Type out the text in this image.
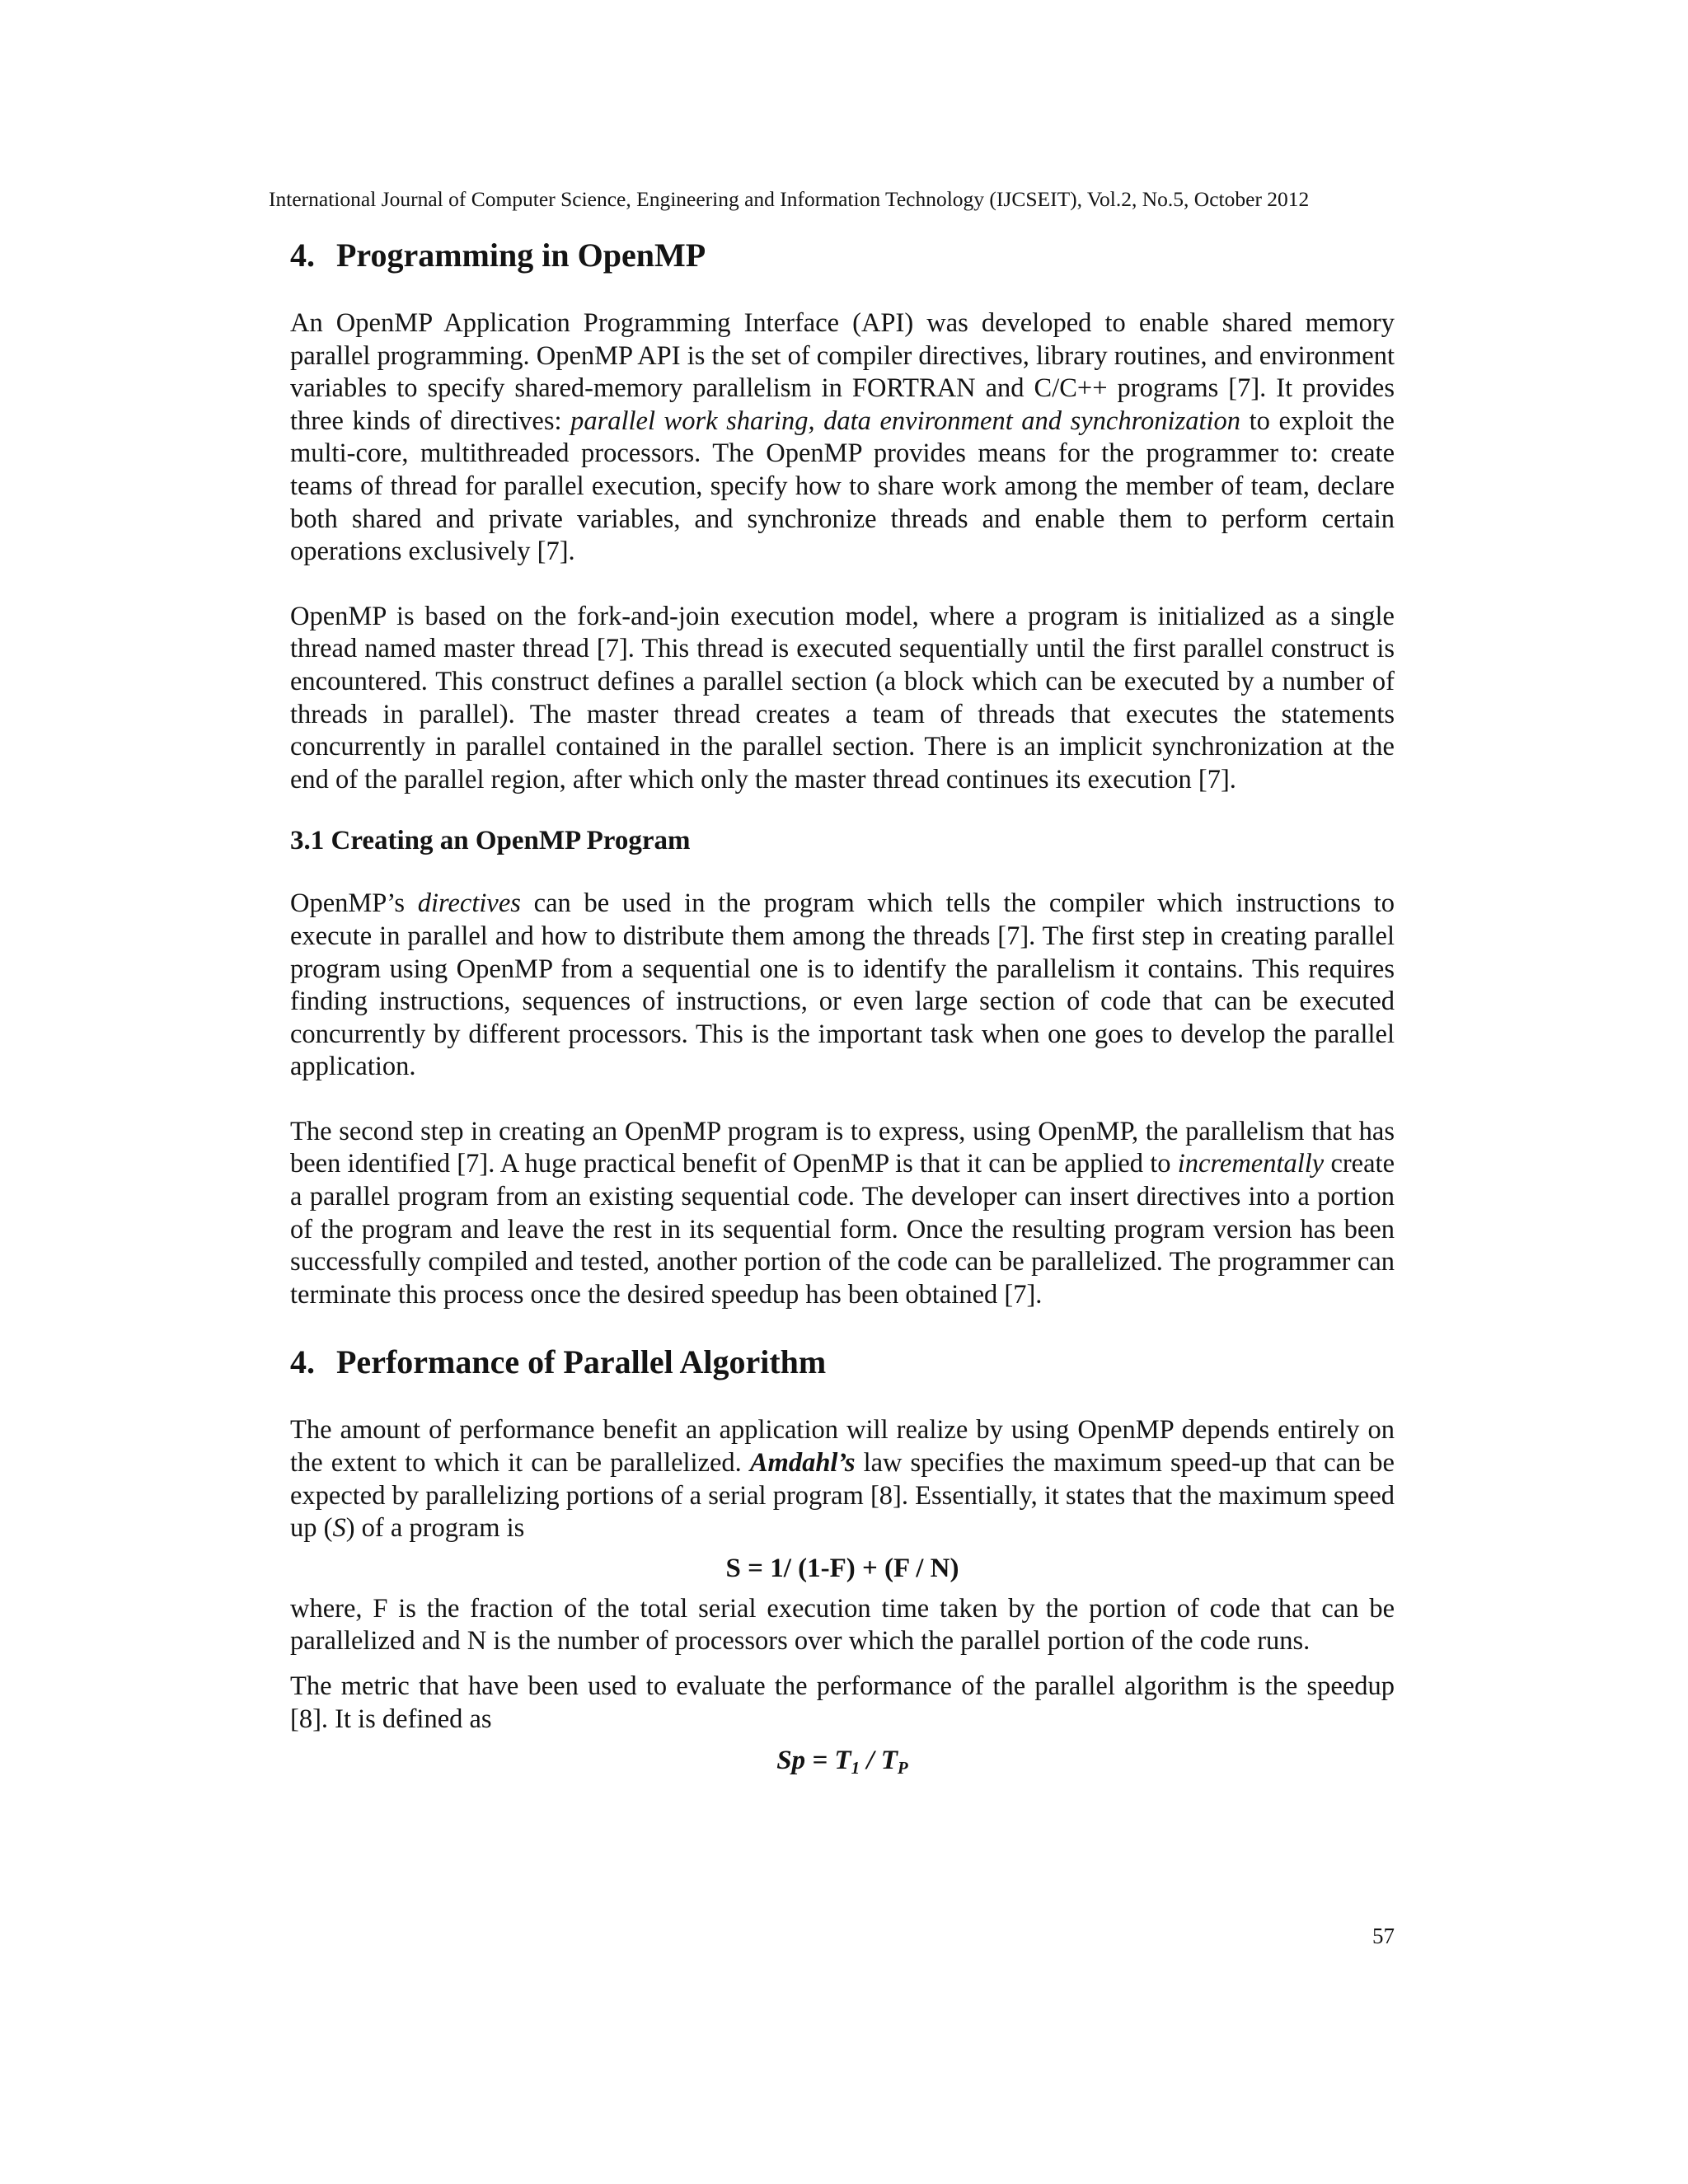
International Journal of Computer Science, Engineering and Information Technology (IJCSEIT), Vol.2, No.5, October 2012
4. Programming in OpenMP

An OpenMP Application Programming Interface (API) was developed to enable shared memory parallel programming. OpenMP API is the set of compiler directives, library routines, and environment variables to specify shared-memory parallelism in FORTRAN and C/C++ programs [7]. It provides three kinds of directives: parallel work sharing, data environment and synchronization to exploit the multi-core, multithreaded processors. The OpenMP provides means for the programmer to: create teams of thread for parallel execution, specify how to share work among the member of team, declare both shared and private variables, and synchronize threads and enable them to perform certain operations exclusively [7].

OpenMP is based on the fork-and-join execution model, where a program is initialized as a single thread named master thread [7]. This thread is executed sequentially until the first parallel construct is encountered. This construct defines a parallel section (a block which can be executed by a number of threads in parallel). The master thread creates a team of threads that executes the statements concurrently in parallel contained in the parallel section. There is an implicit synchronization at the end of the parallel region, after which only the master thread continues its execution [7].

3.1 Creating an OpenMP Program

OpenMP’s directives can be used in the program which tells the compiler which instructions to execute in parallel and how to distribute them among the threads [7]. The first step in creating parallel program using OpenMP from a sequential one is to identify the parallelism it contains. This requires finding instructions, sequences of instructions, or even large section of code that can be executed concurrently by different processors. This is the important task when one goes to develop the parallel application.

The second step in creating an OpenMP program is to express, using OpenMP, the parallelism that has been identified [7]. A huge practical benefit of OpenMP is that it can be applied to incrementally create a parallel program from an existing sequential code. The developer can insert directives into a portion of the program and leave the rest in its sequential form. Once the resulting program version has been successfully compiled and tested, another portion of the code can be parallelized. The programmer can terminate this process once the desired speedup has been obtained [7].

4. Performance of Parallel Algorithm

The amount of performance benefit an application will realize by using OpenMP depends entirely on the extent to which it can be parallelized. Amdahl’s law specifies the maximum speed-up that can be expected by parallelizing portions of a serial program [8]. Essentially, it states that the maximum speed up (S) of a program is

S = 1/ (1-F) + (F / N)

where, F is the fraction of the total serial execution time taken by the portion of code that can be parallelized and N is the number of processors over which the parallel portion of the code runs.

The metric that have been used to evaluate the performance of the parallel algorithm is the speedup [8]. It is defined as

$Sp = T_1 / T_P$
57
